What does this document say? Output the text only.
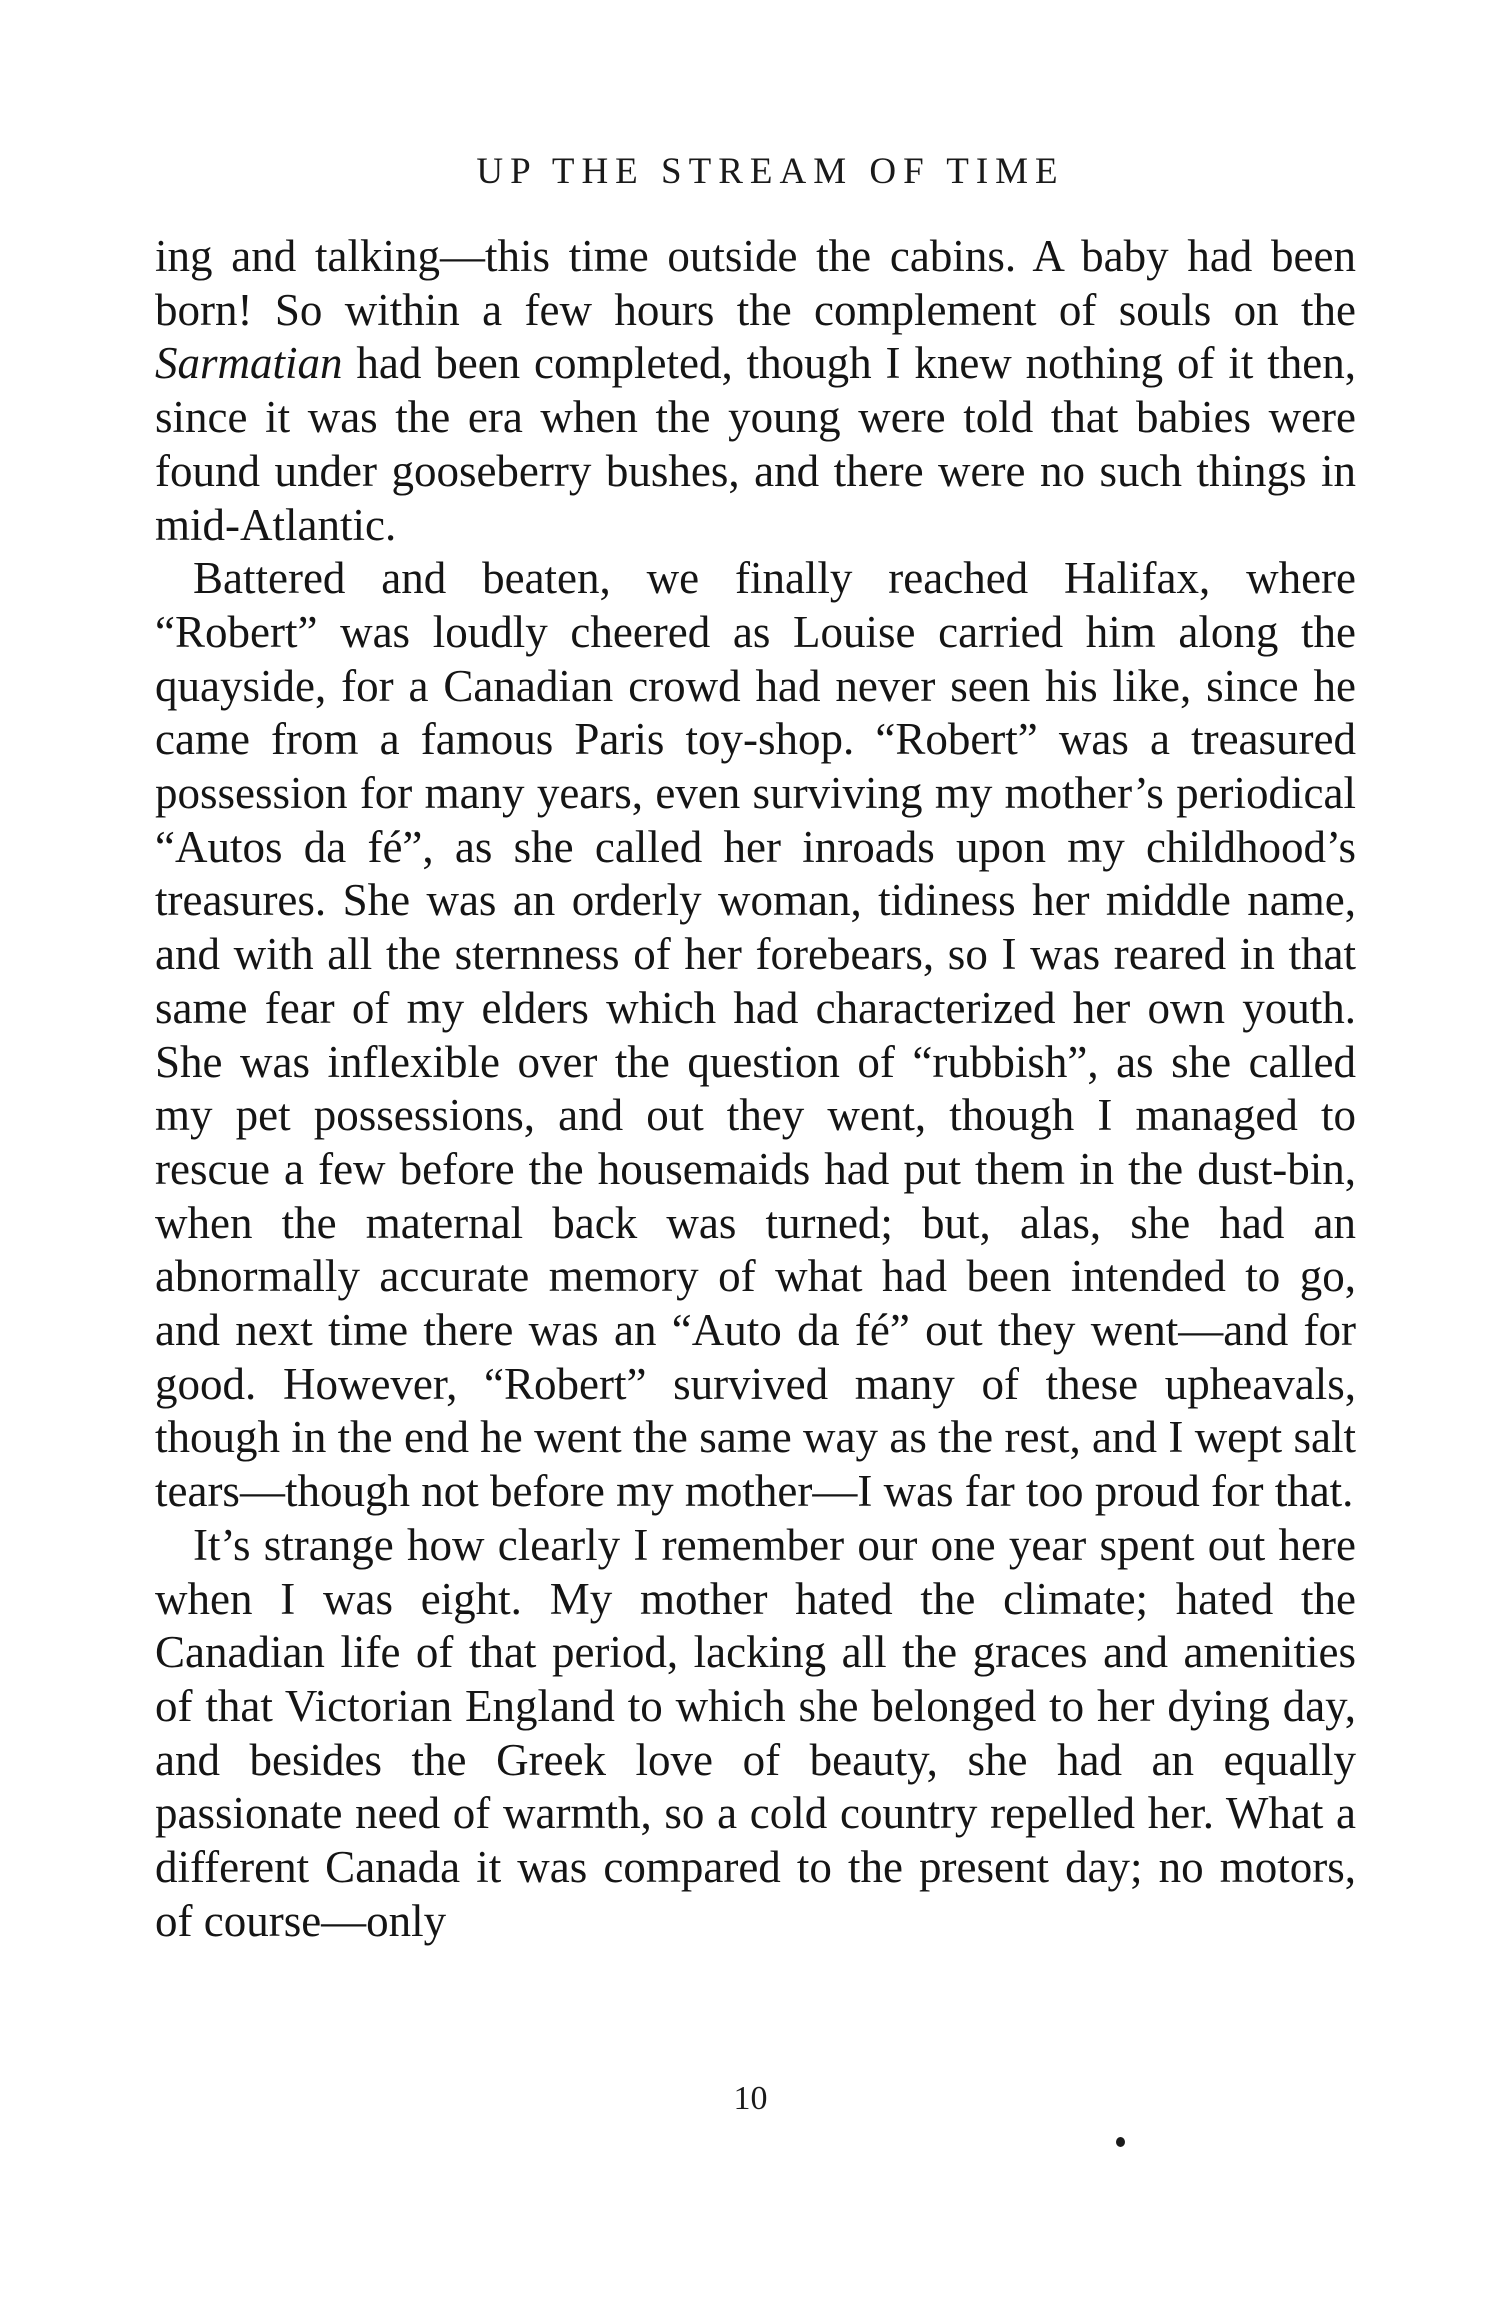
UP THE STREAM OF TIME

ing and talking—this time outside the cabins. A baby had been born! So within a few hours the complement of souls on the Sarmatian had been completed, though I knew nothing of it then, since it was the era when the young were told that babies were found under gooseberry bushes, and there were no such things in mid-Atlantic.

Battered and beaten, we finally reached Halifax, where “Robert” was loudly cheered as Louise carried him along the quayside, for a Canadian crowd had never seen his like, since he came from a famous Paris toy-shop. “Robert” was a treasured possession for many years, even surviving my mother’s periodical “Autos da fé”, as she called her inroads upon my childhood’s treasures. She was an orderly woman, tidiness her middle name, and with all the sternness of her forebears, so I was reared in that same fear of my elders which had characterized her own youth. She was inflexible over the question of “rubbish”, as she called my pet possessions, and out they went, though I managed to rescue a few before the housemaids had put them in the dust-bin, when the maternal back was turned; but, alas, she had an abnormally accurate memory of what had been intended to go, and next time there was an “Auto da fé” out they went—and for good. However, “Robert” survived many of these upheavals, though in the end he went the same way as the rest, and I wept salt tears—though not before my mother—I was far too proud for that.

It’s strange how clearly I remember our one year spent out here when I was eight. My mother hated the climate; hated the Canadian life of that period, lacking all the graces and amenities of that Victorian England to which she belonged to her dying day, and besides the Greek love of beauty, she had an equally passionate need of warmth, so a cold country repelled her. What a different Canada it was compared to the present day; no motors, of course—only

10
